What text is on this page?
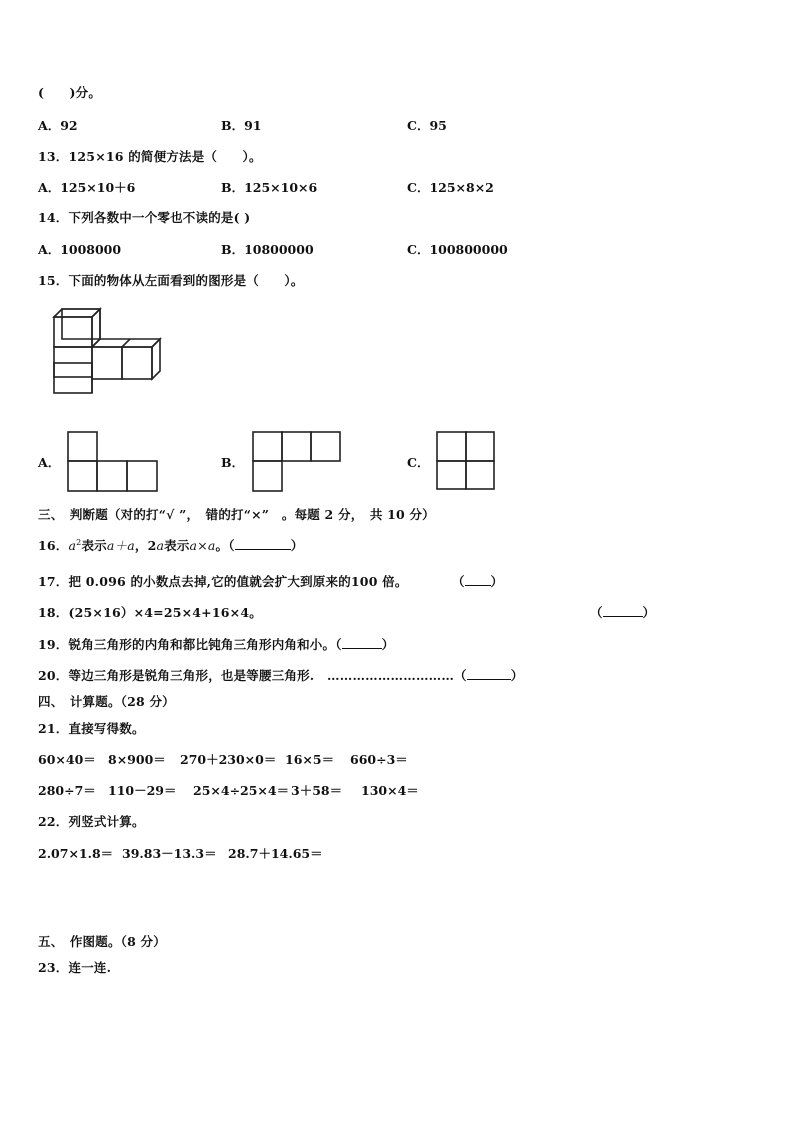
(　　)分。
A．92	B．91	C．95
13．125×16 的简便方法是（　　）。
A．125×10＋6	B．125×10×6	C．125×8×2
14．下列各数中一个零也不读的是( )
A．1008000	B．10800000	C．100800000
15．下面的物体从左面看到的图形是（　　）。
A．	B．	C．
三、　判断题（对的打“√ ”，　错的打“×”　。每题 2 分，　共 10 分）
16．$a^2$表示a＋a，2a表示a×a。（	）
17．把 0.096 的小数点去掉,它的值就会扩大到原来的100 倍。	（ ）
18．(25×16）×4=25×4+16×4。	（	）
19．锐角三角形的内角和都比钝角三角形内角和小。（	）
20．等边三角形是锐角三角形，也是等腰三角形.　…………………………（	）
四、　计算题。（28 分）
21．直接写得数。
60×40＝ 8×900＝ 270＋230×0＝ 16×5＝ 660÷3＝
280÷7＝ 110－29＝ 25×4÷25×4＝ 3＋58＝ 130×4＝
22．列竖式计算。
2.07×1.8＝ 39.83－13.3＝ 28.7＋14.65＝
五、　作图题。（8 分）
23．连一连.
